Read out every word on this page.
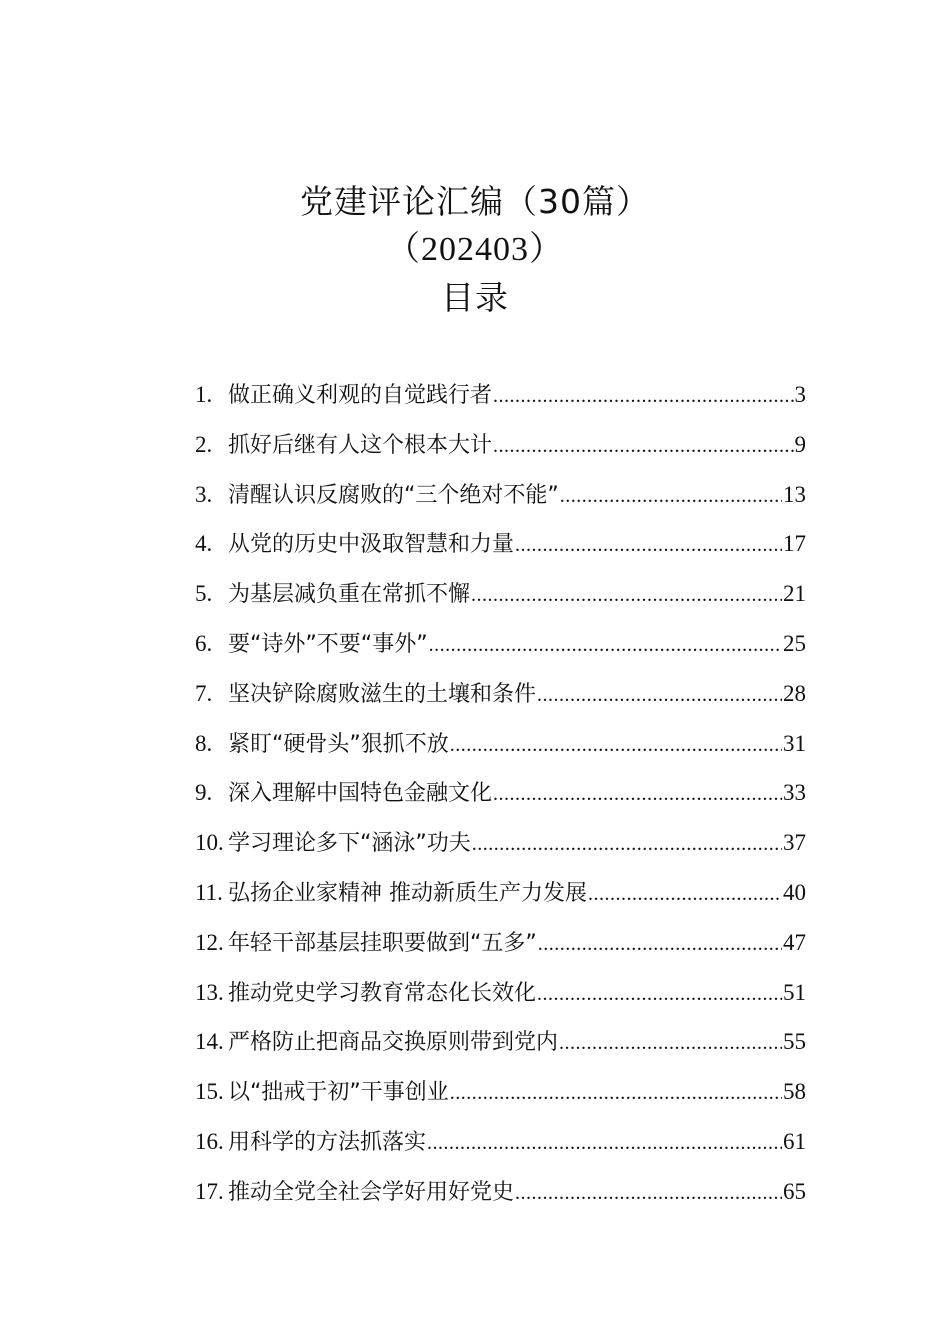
党建评论汇编（30篇）
（202403）
目录
1. 做正确义利观的自觉践行者 .....	3
2. 抓好后继有人这个根本大计 .....	9
3. 清醒认识反腐败的“三个绝对不能” .....	13
4. 从党的历史中汲取智慧和力量 .....	17
5. 为基层减负重在常抓不懈 .....	21
6. 要“诗外”不要“事外” .....	25
7. 坚决铲除腐败滋生的土壤和条件 .....	28
8. 紧盯“硬骨头”狠抓不放 .....	31
9. 深入理解中国特色金融文化 .....	33
10. 学习理论多下“涵泳”功夫 .....	37
11. 弘扬企业家精神 推动新质生产力发展 .....	40
12. 年轻干部基层挂职要做到“五多” .....	47
13. 推动党史学习教育常态化长效化 .....	51
14. 严格防止把商品交换原则带到党内 .....	55
15. 以“拙戒于初”干事创业 .....	58
16. 用科学的方法抓落实 .....	61
17. 推动全党全社会学好用好党史 .....	65
